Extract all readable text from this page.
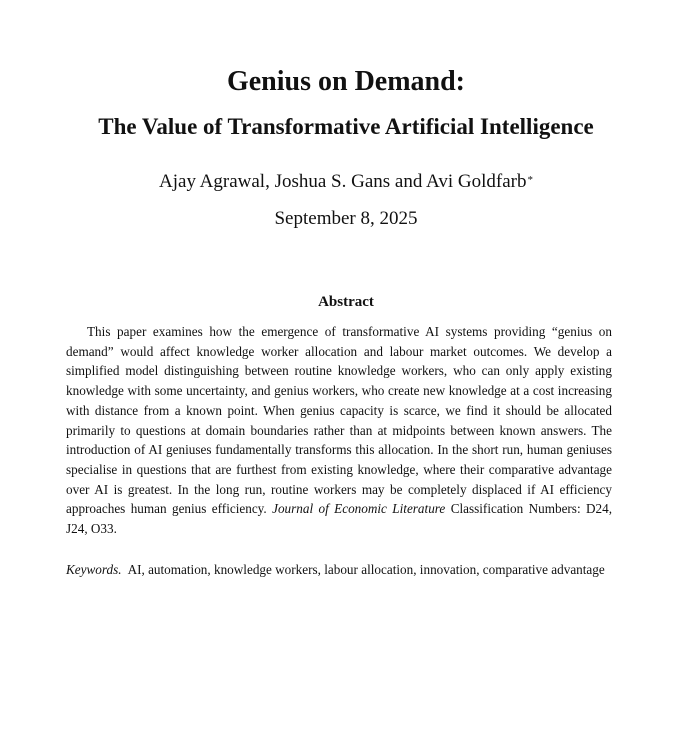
Genius on Demand:
The Value of Transformative Artificial Intelligence
Ajay Agrawal, Joshua S. Gans and Avi Goldfarb*
September 8, 2025
Abstract

This paper examines how the emergence of transformative AI systems providing “genius on demand” would affect knowledge worker allocation and labour market outcomes. We develop a simplified model distinguishing between routine knowledge workers, who can only apply existing knowledge with some uncertainty, and genius workers, who create new knowledge at a cost increasing with distance from a known point. When genius capacity is scarce, we find it should be allocated primarily to questions at domain boundaries rather than at midpoints between known answers. The introduction of AI geniuses fundamentally transforms this allocation. In the short run, human geniuses specialise in questions that are furthest from existing knowledge, where their comparative advantage over AI is greatest. In the long run, routine workers may be completely displaced if AI efficiency approaches human genius efficiency. Journal of Economic Literature Classification Numbers: D24, J24, O33.

Keywords. AI, automation, knowledge workers, labour allocation, innovation, comparative advantage
